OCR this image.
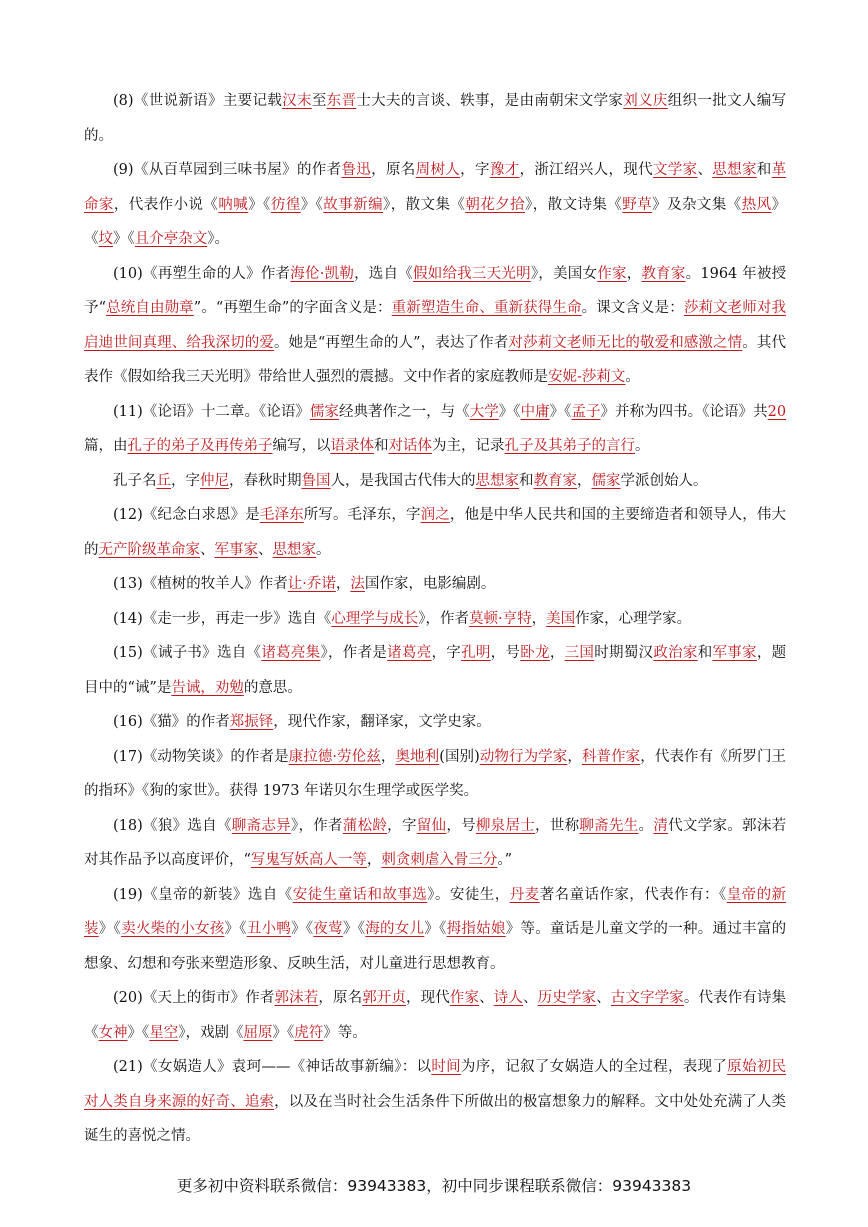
(8)《世说新语》主要记载汉末至东晋士大夫的言谈、轶事，是由南朝宋文学家刘义庆组织一批文人编写的。

(9)《从百草园到三味书屋》的作者鲁迅，原名周树人，字豫才，浙江绍兴人，现代文学家、思想家和革命家，代表作小说《呐喊》《彷徨》《故事新编》，散文集《朝花夕拾》，散文诗集《野草》及杂文集《热风》《坟》《且介亭杂文》。

(10)《再塑生命的人》作者海伦·凯勒，选自《假如给我三天光明》，美国女作家，教育家。1964 年被授予“总统自由勋章”。“再塑生命”的字面含义是：重新塑造生命、重新获得生命。课文含义是：莎莉文老师对我启迪世间真理、给我深切的爱。她是“再塑生命的人”，表达了作者对莎莉文老师无比的敬爱和感激之情。其代表作《假如给我三天光明》带给世人强烈的震撼。文中作者的家庭教师是安妮-莎莉文。

(11)《论语》十二章。《论语》儒家经典著作之一，与《大学》《中庸》《孟子》并称为四书。《论语》共20篇，由孔子的弟子及再传弟子编写，以语录体和对话体为主，记录孔子及其弟子的言行。

孔子名丘，字仲尼，春秋时期鲁国人，是我国古代伟大的思想家和教育家，儒家学派创始人。

(12)《纪念白求恩》是毛泽东所写。毛泽东，字润之，他是中华人民共和国的主要缔造者和领导人，伟大的无产阶级革命家、军事家、思想家。

(13)《植树的牧羊人》作者让·乔诺，法国作家，电影编剧。

(14)《走一步，再走一步》选自《心理学与成长》，作者莫顿·亨特，美国作家，心理学家。

(15)《诫子书》选自《诸葛亮集》，作者是诸葛亮，字孔明，号卧龙，三国时期蜀汉政治家和军事家，题目中的“诫”是告诫，劝勉的意思。

(16)《猫》的作者郑振铎，现代作家，翻译家，文学史家。

(17)《动物笑谈》的作者是康拉德·劳伦兹，奥地利(国别)动物行为学家，科普作家，代表作有《所罗门王的指环》《狗的家世》。获得 1973 年诺贝尔生理学或医学奖。

(18)《狼》选自《聊斋志异》，作者蒲松龄，字留仙，号柳泉居士，世称聊斋先生。清代文学家。郭沫若对其作品予以高度评价，“写鬼写妖高人一等，刺贪刺虐入骨三分。”

(19)《皇帝的新装》选自《安徒生童话和故事选》。安徒生，丹麦著名童话作家，代表作有：《皇帝的新装》《卖火柴的小女孩》《丑小鸭》《夜莺》《海的女儿》《拇指姑娘》等。童话是儿童文学的一种。通过丰富的想象、幻想和夸张来塑造形象、反映生活，对儿童进行思想教育。

(20)《天上的街市》作者郭沫若，原名郭开贞，现代作家、诗人、历史学家、古文字学家。代表作有诗集《女神》《星空》，戏剧《屈原》《虎符》等。

(21)《女娲造人》袁珂——《神话故事新编》：以时间为序，记叙了女娲造人的全过程，表现了原始初民对人类自身来源的好奇、追索，以及在当时社会生活条件下所做出的极富想象力的解释。文中处处充满了人类诞生的喜悦之情。

更多初中资料联系微信：93943383，初中同步课程联系微信：93943383
